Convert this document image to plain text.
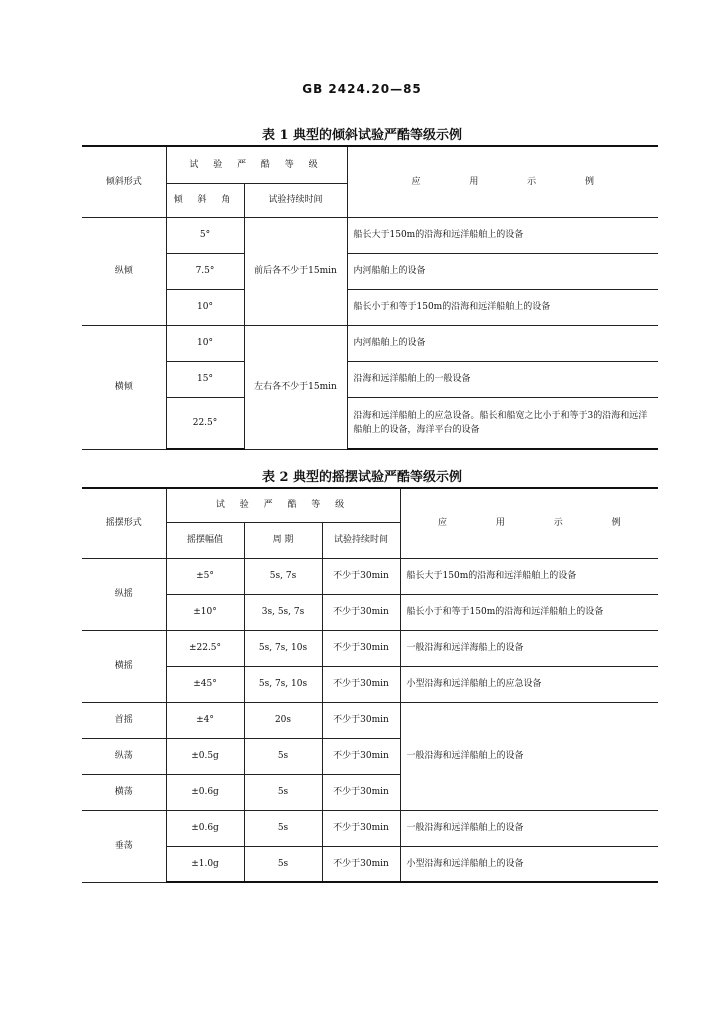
GB 2424.20—85
表 1 典型的倾斜试验严酷等级示例
倾斜形式	试 验 严 酷 等 级		应 用 示 例
	倾 斜 角	试验持续时间	
纵倾	5°	前后各不少于15min	船长大于150m的沿海和远洋船舶上的设备
	7.5°		内河船舶上的设备
	10°		船长小于和等于150m的沿海和远洋船舶上的设备
横倾	10°	左右各不少于15min	内河船舶上的设备
	15°		沿海和远洋船舶上的一般设备
	22.5°		沿海和远洋船舶上的应急设备。船长和船宽之比小于和等于3的沿海和远洋船舶上的设备，海洋平台的设备
表 2 典型的摇摆试验严酷等级示例
摇摆形式	试 验 严 酷 等 级			应 用 示 例
	摇摆幅值	周 期	试验持续时间	
纵摇	±5°	5s, 7s	不少于30min	船长大于150m的沿海和远洋船舶上的设备
	±10°	3s, 5s, 7s	不少于30min	船长小于和等于150m的沿海和远洋船舶上的设备
横摇	±22.5°	5s, 7s, 10s	不少于30min	一般沿海和远洋海船上的设备
	±45°	5s, 7s, 10s	不少于30min	小型沿海和远洋船舶上的应急设备
首摇	±4°	20s	不少于30min	一般沿海和远洋船舶上的设备
纵荡	±0.5g	5s	不少于30min	
横荡	±0.6g	5s	不少于30min	
垂荡	±0.6g	5s	不少于30min	一般沿海和远洋船舶上的设备
	±1.0g	5s	不少于30min	小型沿海和远洋船舶上的设备
